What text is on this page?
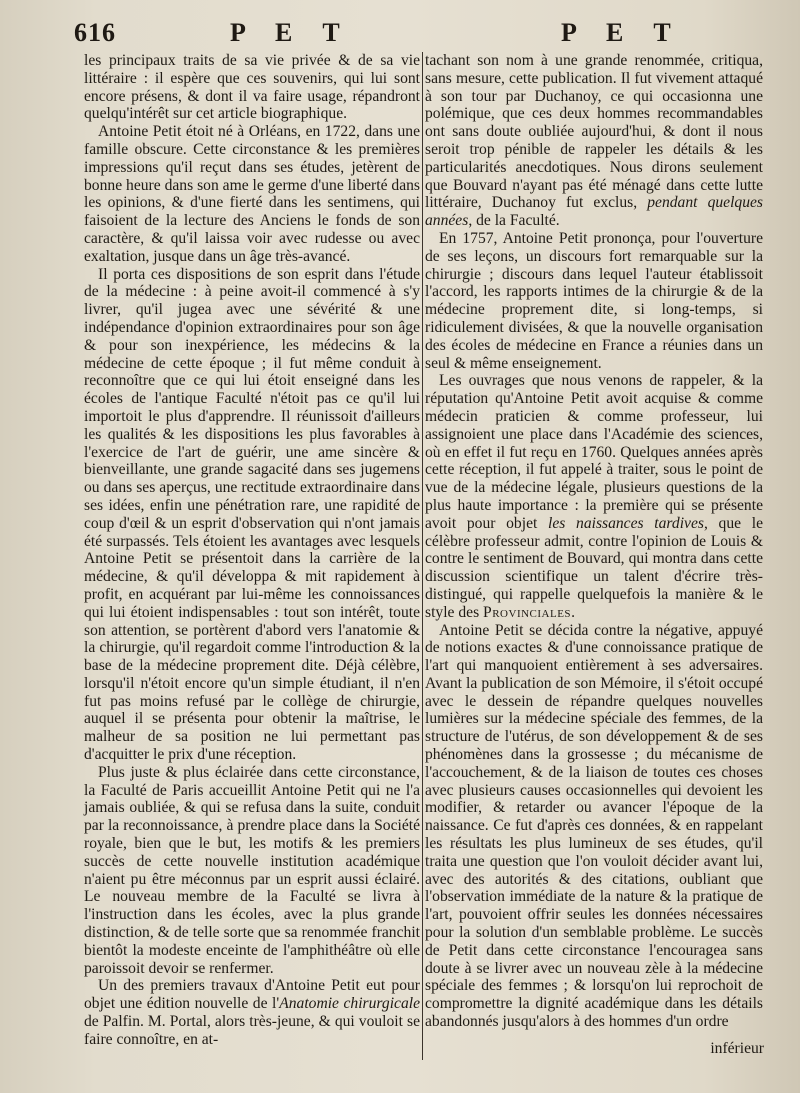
616	P E T	P E T

les principaux traits de sa vie privée & de sa vie littéraire : il espère que ces souvenirs, qui lui sont encore présens, & dont il va faire usage, répandront quelqu'intérêt sur cet article biographique.

Antoine Petit étoit né à Orléans, en 1722, dans une famille obscure. Cette circonstance & les premières impressions qu'il reçut dans ses études, jetèrent de bonne heure dans son ame le germe d'une liberté dans les opinions, & d'une fierté dans les sentimens, qui faisoient de la lecture des Anciens le fonds de son caractère, & qu'il laissa voir avec rudesse ou avec exaltation, jusque dans un âge très-avancé.

Il porta ces dispositions de son esprit dans l'étude de la médecine : à peine avoit-il commencé à s'y livrer, qu'il jugea avec une sévérité & une indépendance d'opinion extraordinaires pour son âge & pour son inexpérience, les médecins & la médecine de cette époque ; il fut même conduit à reconnoître que ce qui lui étoit enseigné dans les écoles de l'antique Faculté n'étoit pas ce qu'il lui importoit le plus d'apprendre. Il réunissoit d'ailleurs les qualités & les dispositions les plus favorables à l'exercice de l'art de guérir, une ame sincère & bienveillante, une grande sagacité dans ses jugemens ou dans ses aperçus, une rectitude extraordinaire dans ses idées, enfin une pénétration rare, une rapidité de coup d'œil & un esprit d'observation qui n'ont jamais été surpassés. Tels étoient les avantages avec lesquels Antoine Petit se présentoit dans la carrière de la médecine, & qu'il développa & mit rapidement à profit, en acquérant par lui-même les connoissances qui lui étoient indispensables : tout son intérêt, toute son attention, se portèrent d'abord vers l'anatomie & la chirurgie, qu'il regardoit comme l'introduction & la base de la médecine proprement dite. Déjà célèbre, lorsqu'il n'étoit encore qu'un simple étudiant, il n'en fut pas moins refusé par le collège de chirurgie, auquel il se présenta pour obtenir la maîtrise, le malheur de sa position ne lui permettant pas d'acquitter le prix d'une réception.

Plus juste & plus éclairée dans cette circonstance, la Faculté de Paris accueillit Antoine Petit qui ne l'a jamais oubliée, & qui se refusa dans la suite, conduit par la reconnoissance, à prendre place dans la Société royale, bien que le but, les motifs & les premiers succès de cette nouvelle institution académique n'aient pu être méconnus par un esprit aussi éclairé. Le nouveau membre de la Faculté se livra à l'instruction dans les écoles, avec la plus grande distinction, & de telle sorte que sa renommée franchit bientôt la modeste enceinte de l'amphithéâtre où elle paroissoit devoir se renfermer.

Un des premiers travaux d'Antoine Petit eut pour objet une édition nouvelle de l'Anatomie chirurgicale de Palfin. M. Portal, alors très-jeune, & qui vouloit se faire connoître, en at-

tachant son nom à une grande renommée, critiqua, sans mesure, cette publication. Il fut vivement attaqué à son tour par Duchanoy, ce qui occasionna une polémique, que ces deux hommes recommandables ont sans doute oubliée aujourd'hui, & dont il nous seroit trop pénible de rappeler les détails & les particularités anecdotiques. Nous dirons seulement que Bouvard n'ayant pas été ménagé dans cette lutte littéraire, Duchanoy fut exclus, pendant quelques années, de la Faculté.

En 1757, Antoine Petit prononça, pour l'ouverture de ses leçons, un discours fort remarquable sur la chirurgie ; discours dans lequel l'auteur établissoit l'accord, les rapports intimes de la chirurgie & de la médecine proprement dite, si long-temps, si ridiculement divisées, & que la nouvelle organisation des écoles de médecine en France a réunies dans un seul & même enseignement.

Les ouvrages que nous venons de rappeler, & la réputation qu'Antoine Petit avoit acquise & comme médecin praticien & comme professeur, lui assignoient une place dans l'Académie des sciences, où en effet il fut reçu en 1760. Quelques années après cette réception, il fut appelé à traiter, sous le point de vue de la médecine légale, plusieurs questions de la plus haute importance : la première qui se présente avoit pour objet les naissances tardives, que le célèbre professeur admit, contre l'opinion de Louis & contre le sentiment de Bouvard, qui montra dans cette discussion scientifique un talent d'écrire très-distingué, qui rappelle quelquefois la manière & le style des Provinciales.

Antoine Petit se décida contre la négative, appuyé de notions exactes & d'une connoissance pratique de l'art qui manquoient entièrement à ses adversaires. Avant la publication de son Mémoire, il s'étoit occupé avec le dessein de répandre quelques nouvelles lumières sur la médecine spéciale des femmes, de la structure de l'utérus, de son développement & de ses phénomènes dans la grossesse ; du mécanisme de l'accouchement, & de la liaison de toutes ces choses avec plusieurs causes occasionnelles qui devoient les modifier, & retarder ou avancer l'époque de la naissance. Ce fut d'après ces données, & en rappelant les résultats les plus lumineux de ses études, qu'il traita une question que l'on vouloit décider avant lui, avec des autorités & des citations, oubliant que l'observation immédiate de la nature & la pratique de l'art, pouvoient offrir seules les données nécessaires pour la solution d'un semblable problème. Le succès de Petit dans cette circonstance l'encouragea sans doute à se livrer avec un nouveau zèle à la médecine spéciale des femmes ; & lorsqu'on lui reprochoit de compromettre la dignité académique dans les détails abandonnés jusqu'alors à des hommes d'un ordre

inférieur
